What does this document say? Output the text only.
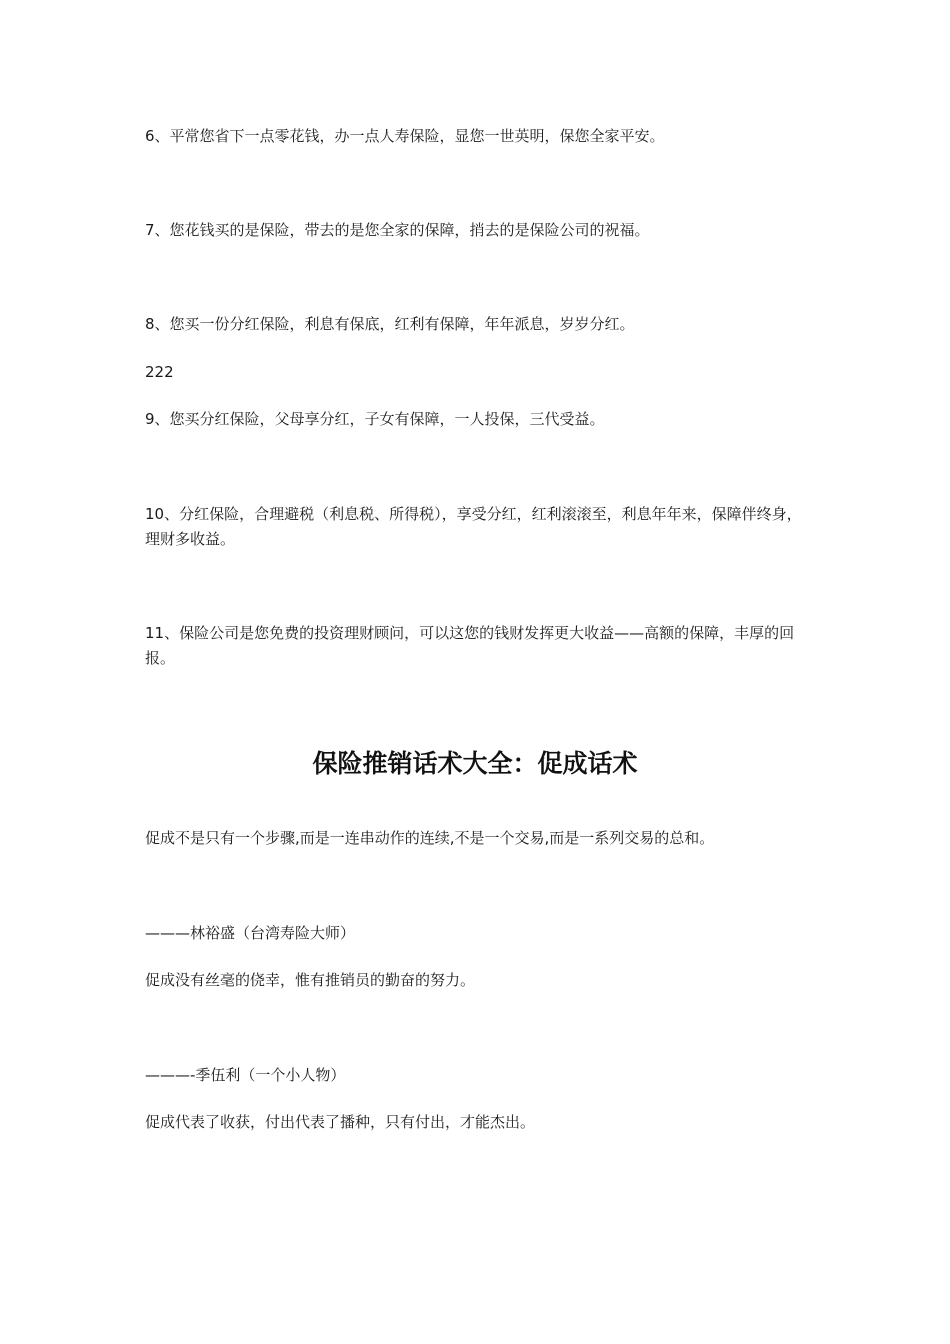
6、平常您省下一点零花钱，办一点人寿保险，显您一世英明，保您全家平安。

7、您花钱买的是保险，带去的是您全家的保障，捎去的是保险公司的祝福。

8、您买一份分红保险，利息有保底，红利有保障，年年派息，岁岁分红。

222

9、您买分红保险，父母享分红，子女有保障，一人投保，三代受益。

10、分红保险，合理避税（利息税、所得税），享受分红，红利滚滚至，利息年年来，保障伴终身，理财多收益。

11、保险公司是您免费的投资理财顾问，可以这您的钱财发挥更大收益——高额的保障，丰厚的回报。

保险推销话术大全：促成话术

促成不是只有一个步骤,而是一连串动作的连续,不是一个交易,而是一系列交易的总和。

———林裕盛（台湾寿险大师）

促成没有丝毫的侥幸，惟有推销员的勤奋的努力。

———-季伍利（一个小人物）

促成代表了收获，付出代表了播种，只有付出，才能杰出。
